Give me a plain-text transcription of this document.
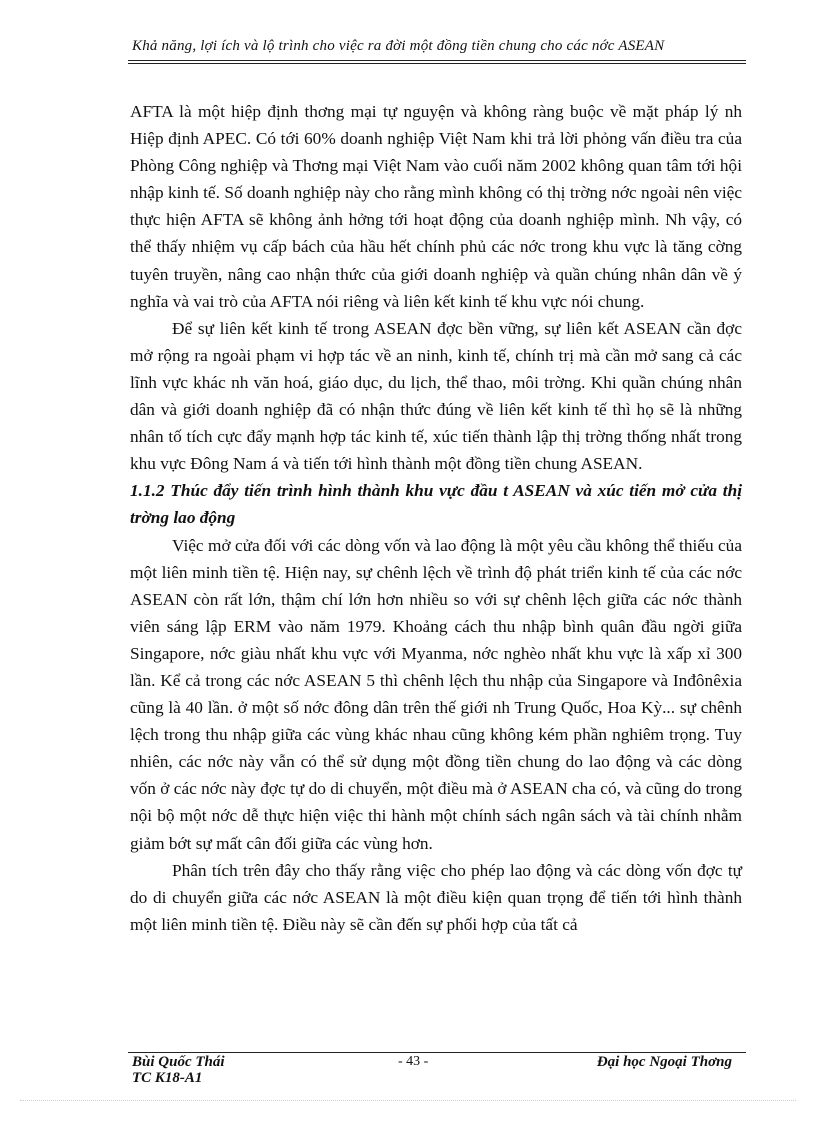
Khả năng, lợi ích và lộ trình cho việc ra đời một đồng tiền chung cho các nớc ASEAN

AFTA là một hiệp định thơng mại tự nguyện và không ràng buộc về mặt pháp lý nh Hiệp định APEC. Có tới 60% doanh nghiệp Việt Nam khi trả lời phỏng vấn điều tra của Phòng Công nghiệp và Thơng mại Việt Nam vào cuối năm 2002 không quan tâm tới hội nhập kinh tế. Số doanh nghiệp này cho rằng mình không có thị trờng nớc ngoài nên việc thực hiện AFTA sẽ không ảnh hởng tới hoạt động của doanh nghiệp mình. Nh vậy, có thể thấy nhiệm vụ cấp bách của hầu hết chính phủ các nớc trong khu vực là tăng cờng tuyên truyền, nâng cao nhận thức của giới doanh nghiệp và quần chúng nhân dân về ý nghĩa và vai trò của AFTA nói riêng và liên kết kinh tế khu vực nói chung.

Để sự liên kết kinh tế trong ASEAN đợc bền vững, sự liên kết ASEAN cần đợc mở rộng ra ngoài phạm vi hợp tác về an ninh, kinh tế, chính trị mà cần mở sang cả các lĩnh vực khác nh văn hoá, giáo dục, du lịch, thể thao, môi trờng. Khi quần chúng nhân dân và giới doanh nghiệp đã có nhận thức đúng về liên kết kinh tế thì họ sẽ là những nhân tố tích cực đẩy mạnh hợp tác kinh tế, xúc tiến thành lập thị trờng thống nhất trong khu vực Đông Nam á và tiến tới hình thành một đồng tiền chung ASEAN.

1.1.2 Thúc đẩy tiến trình hình thành khu vực đầu t ASEAN và xúc tiến mở cửa thị trờng lao động

Việc mở cửa đối với các dòng vốn và lao động là một yêu cầu không thể thiếu của một liên minh tiền tệ. Hiện nay, sự chênh lệch về trình độ phát triển kinh tế của các nớc ASEAN còn rất lớn, thậm chí lớn hơn nhiều so với sự chênh lệch giữa các nớc thành viên sáng lập ERM vào năm 1979. Khoảng cách thu nhập bình quân đầu ngời giữa Singapore, nớc giàu nhất khu vực với Myanma, nớc nghèo nhất khu vực là xấp xỉ 300 lần. Kể cả trong các nớc ASEAN 5 thì chênh lệch thu nhập của Singapore và Inđônêxia cũng là 40 lần. ở một số nớc đông dân trên thế giới nh Trung Quốc, Hoa Kỳ... sự chênh lệch trong thu nhập giữa các vùng khác nhau cũng không kém phần nghiêm trọng. Tuy nhiên, các nớc này vẫn có thể sử dụng một đồng tiền chung do lao động và các dòng vốn ở các nớc này đợc tự do di chuyển, một điều mà ở ASEAN cha có, và cũng do trong nội bộ một nớc dễ thực hiện việc thi hành một chính sách ngân sách và tài chính nhằm giảm bớt sự mất cân đối giữa các vùng hơn.

Phân tích trên đây cho thấy rằng việc cho phép lao động và các dòng vốn đợc tự do di chuyển giữa các nớc ASEAN là một điều kiện quan trọng để tiến tới hình thành một liên minh tiền tệ. Điều này sẽ cần đến sự phối hợp của tất cả

Bùi Quốc Thái
TC K18-A1
- 43 -	Đại học Ngoại Thơng
